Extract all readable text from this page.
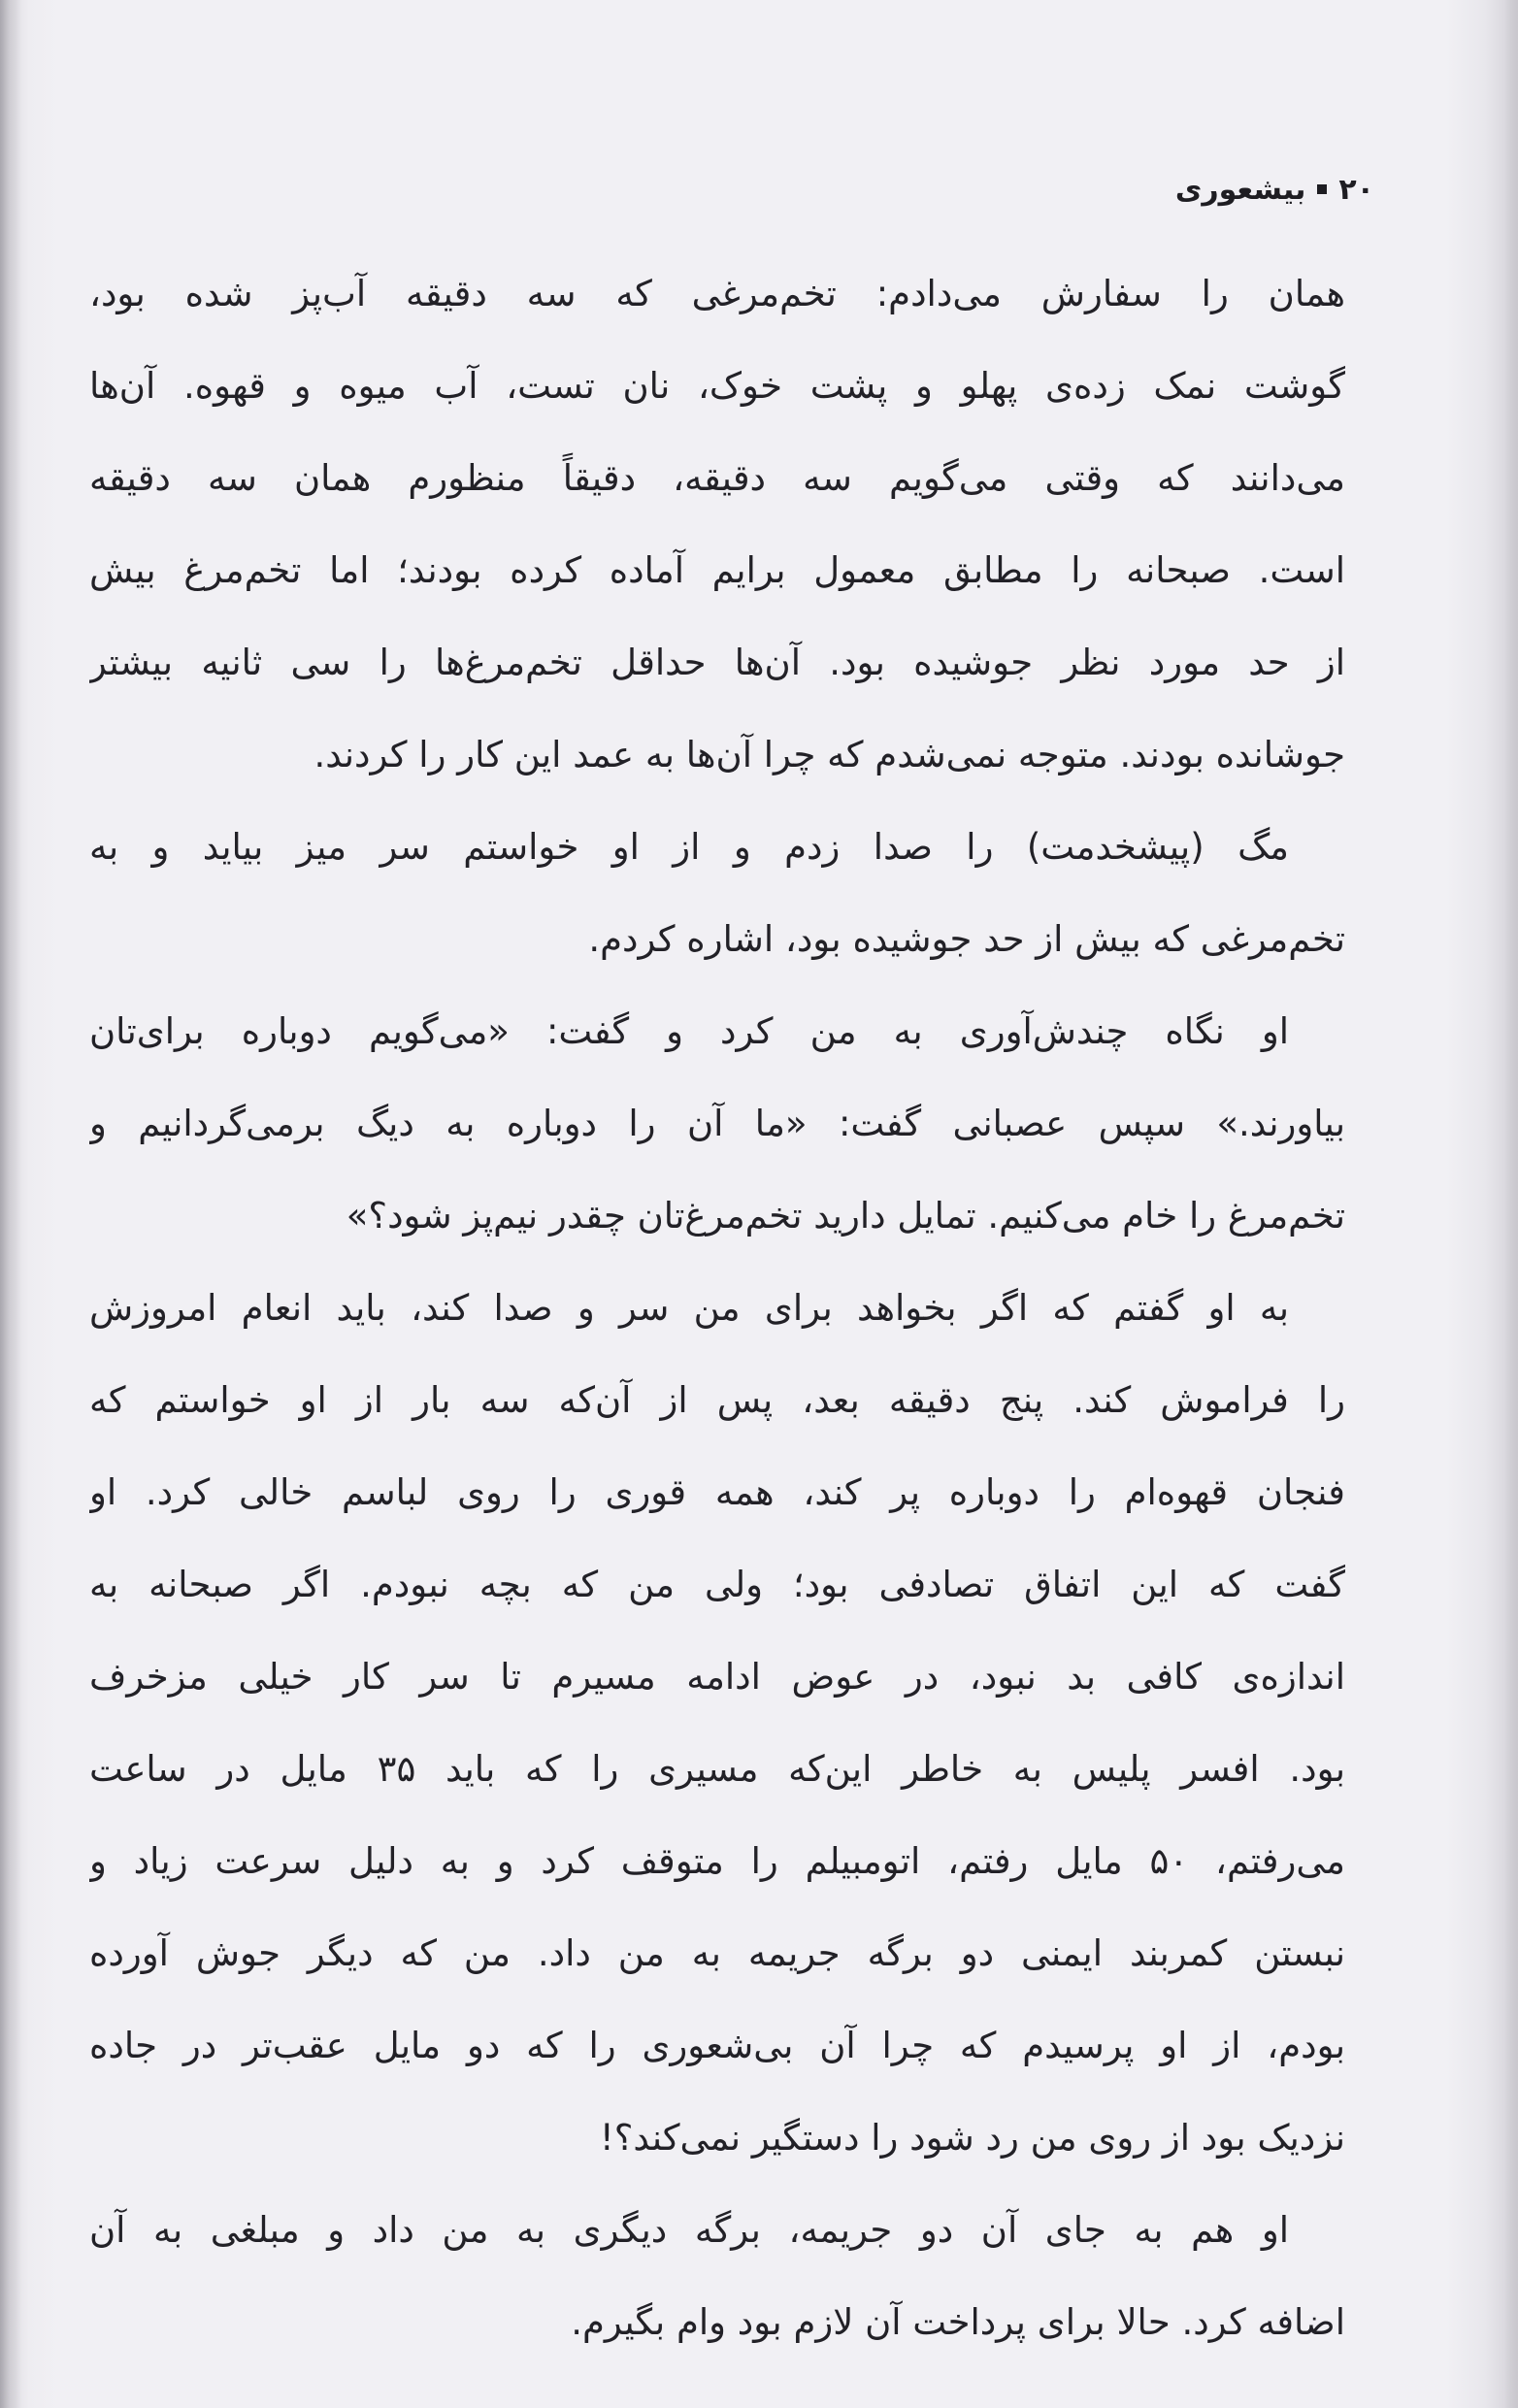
۲۰
بیشعوری
همان را سفارش می‌دادم: تخم‌مرغی که سه دقیقه آب‌پز شده بود،
گوشت نمک زده‌ی پهلو و پشت خوک، نان تست، آب میوه و قهوه. آن‌ها
می‌دانند که وقتی می‌گویم سه دقیقه، دقیقاً منظورم همان سه دقیقه
است. صبحانه را مطابق معمول برایم آماده کرده بودند؛ اما تخم‌مرغ بیش
از حد مورد نظر جوشیده بود. آن‌ها حداقل تخم‌مرغ‌ها را سی ثانیه بیشتر
جوشانده بودند. متوجه نمی‌شدم که چرا آن‌ها به عمد این کار را کردند.
مگ (پیشخدمت) را صدا زدم و از او خواستم سر میز بیاید و به
تخم‌مرغی که بیش از حد جوشیده بود، اشاره کردم.
او نگاه چندش‌آوری به من کرد و گفت: «می‌گویم دوباره برای‌تان
بیاورند.» سپس عصبانی گفت: «ما آن را دوباره به دیگ برمی‌گردانیم و
تخم‌مرغ را خام می‌کنیم. تمایل دارید تخم‌مرغ‌تان چقدر نیم‌پز شود؟»
به او گفتم که اگر بخواهد برای من سر و صدا کند، باید انعام امروزش
را فراموش کند. پنج دقیقه بعد، پس از آن‌که سه بار از او خواستم که
فنجان قهوه‌ام را دوباره پر کند، همه قوری را روی لباسم خالی کرد. او
گفت که این اتفاق تصادفی بود؛ ولی من که بچه نبودم. اگر صبحانه به
اندازه‌ی کافی بد نبود، در عوض ادامه مسیرم تا سر کار خیلی مزخرف
بود. افسر پلیس به خاطر این‌که مسیری را که باید ۳۵ مایل در ساعت
می‌رفتم، ۵۰ مایل رفتم، اتومبیلم را متوقف کرد و به دلیل سرعت زیاد و
نبستن کمربند ایمنی دو برگه جریمه به من داد. من که دیگر جوش آورده
بودم، از او پرسیدم که چرا آن بی‌شعوری را که دو مایل عقب‌تر در جاده
نزدیک بود از روی من رد شود را دستگیر نمی‌کند؟!
او هم به جای آن دو جریمه، برگه دیگری به من داد و مبلغی به آن
اضافه کرد. حالا برای پرداخت آن لازم بود وام بگیرم.
